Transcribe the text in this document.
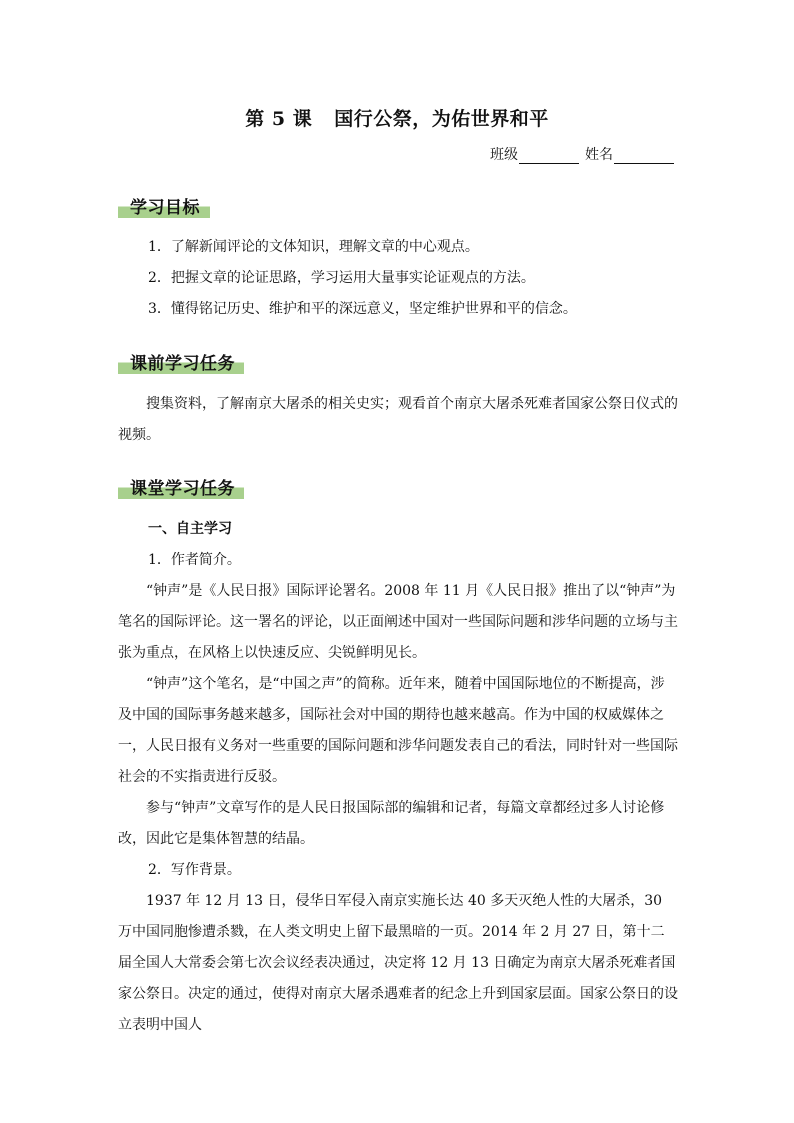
第 5 课 国行公祭，为佑世界和平
班级	姓名
学习目标

1．了解新闻评论的文体知识，理解文章的中心观点。

2．把握文章的论证思路，学习运用大量事实论证观点的方法。

3．懂得铭记历史、维护和平的深远意义，坚定维护世界和平的信念。

课前学习任务

搜集资料，了解南京大屠杀的相关史实；观看首个南京大屠杀死难者国家公祭日仪式的视频。

课堂学习任务

一、自主学习

1．作者简介。

“钟声”是《人民日报》国际评论署名。2008 年 11 月《人民日报》推出了以“钟声”为笔名的国际评论。这一署名的评论，以正面阐述中国对一些国际问题和涉华问题的立场与主张为重点，在风格上以快速反应、尖锐鲜明见长。

“钟声”这个笔名，是“中国之声”的简称。近年来，随着中国国际地位的不断提高，涉及中国的国际事务越来越多，国际社会对中国的期待也越来越高。作为中国的权威媒体之一，人民日报有义务对一些重要的国际问题和涉华问题发表自己的看法，同时针对一些国际社会的不实指责进行反驳。

参与“钟声”文章写作的是人民日报国际部的编辑和记者，每篇文章都经过多人讨论修改，因此它是集体智慧的结晶。

2．写作背景。

1937 年 12 月 13 日，侵华日军侵入南京实施长达 40 多天灭绝人性的大屠杀，30 万中国同胞惨遭杀戮，在人类文明史上留下最黑暗的一页。2014 年 2 月 27 日，第十二届全国人大常委会第七次会议经表决通过，决定将 12 月 13 日确定为南京大屠杀死难者国家公祭日。决定的通过，使得对南京大屠杀遇难者的纪念上升到国家层面。国家公祭日的设立表明中国人
